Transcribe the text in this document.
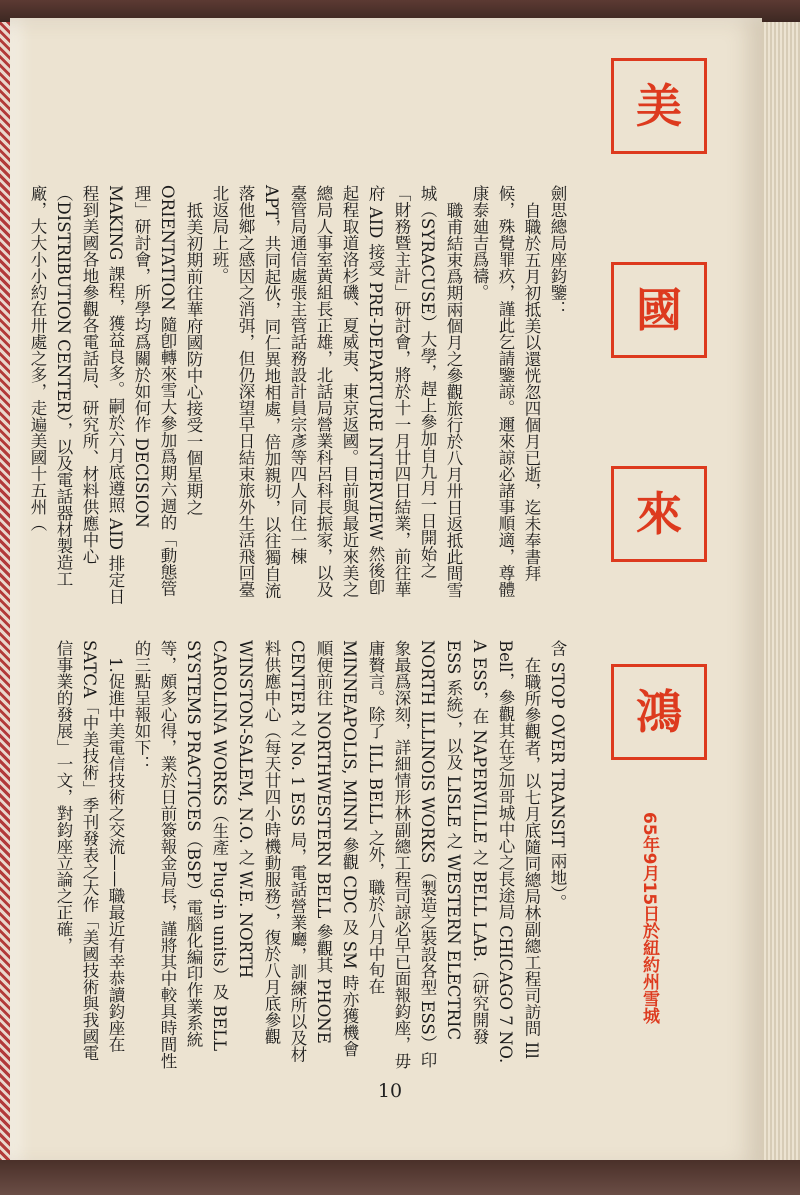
美
國
來
鴻
65年9月15日於紐約州雪城
劍思總局座鈞鑒：
自職於五月初抵美以還恍忽四個月已逝，迄未奉書拜候，殊覺罪疚，謹此乞請鑒諒。邇來諒必諸事順適，尊體康泰廸吉爲禱。
職甫結束爲期兩個月之參觀旅行於八月卅日返抵此間雪城（SYRACUSE）大學，趕上參加自九月一日開始之「財務暨主計」研討會，將於十一月廿四日結業，前往華府 AID 接受 PRE-DEPARTURE INTERVIEW 然後卽起程取道洛杉磯、夏威夷、東京返國。目前與最近來美之總局人事室黃組長正雄，北話局營業科呂科長振家，以及臺管局通信處張主管話務設計員宗彥等四人同住一棟 APT，共同起伙，同仁異地相處，倍加親切，以往獨自流落他鄉之感因之消弭，但仍深望早日結束旅外生活飛回臺北返局上班。
抵美初期前往華府國防中心接受一個星期之 ORIENTATION 隨卽轉來雪大參加爲期六週的「動態管理」研討會，所學均爲關於如何作 DECISION MAKING 課程，獲益良多。嗣於六月底遵照 AID 排定日程到美國各地參觀各電話局、研究所、材料供應中心（DISTRIBUTION CENTER），以及電話器材製造工廠，大大小小約在卅處之多，走遍美國十五州（
含 STOP OVER TRANSIT 兩地）。
在職所參觀者，以七月底隨同總局林副總工程司訪問 Ill Bell，參觀其在芝加哥城中心之長途局 CHICAGO 7 NO. A ESS，在 NAPERVILLE 之 BELL LAB.（研究開發 ESS 系統），以及 LISLE 之 WESTERN ELECTRIC NORTH ILLINOIS WORKS（製造之裝設各型 ESS）印象最爲深刻，詳細情形林副總工程司諒必早已面報鈞座，毋庸贅言。除了 ILL BELL 之外，職於八月中旬在 MINNEAPOLIS, MINN 參觀 CDC 及 SM 時亦獲機會順便前往 NORTHWESTERN BELL 參觀其 PHONE CENTER 之 No. 1 ESS 局，電話營業廳，訓練所以及材料供應中心（每天廿四小時機動服務），復於八月底參觀 WINSTON-SALEM, N.O. 之 W.E. NORTH CAROLINA WORKS（生產 Plug-in units）及 BELL SYSTEMS PRACTICES（BSP）電腦化編印作業系統等，頗多心得，業於日前簽報金局長，謹將其中較具時間性的三點呈報如下：
1.促進中美電信技術之交流——職最近有幸恭讀鈞座在 SATCA「中美技術」季刊發表之大作「美國技術與我國電信事業的發展」一文，對鈞座立論之正確，
10
